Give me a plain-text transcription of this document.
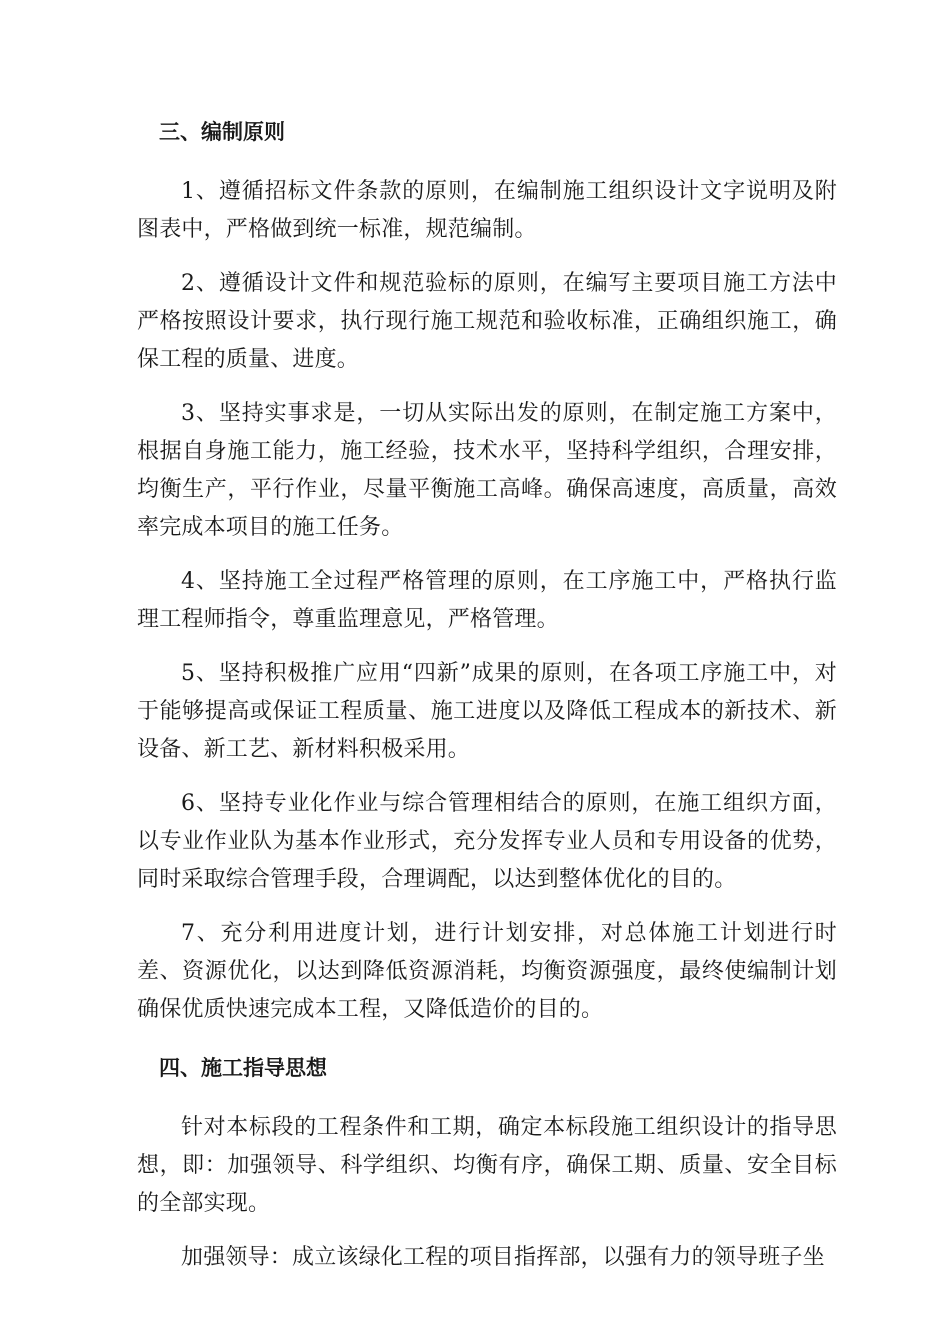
三、编制原则

1、遵循招标文件条款的原则，在编制施工组织设计文字说明及附图表中，严格做到统一标准，规范编制。

2、遵循设计文件和规范验标的原则，在编写主要项目施工方法中严格按照设计要求，执行现行施工规范和验收标准，正确组织施工，确保工程的质量、进度。

3、坚持实事求是，一切从实际出发的原则，在制定施工方案中，根据自身施工能力，施工经验，技术水平，坚持科学组织，合理安排，均衡生产，平行作业，尽量平衡施工高峰。确保高速度，高质量，高效率完成本项目的施工任务。

4、坚持施工全过程严格管理的原则，在工序施工中，严格执行监理工程师指令，尊重监理意见，严格管理。

5、坚持积极推广应用“四新”成果的原则，在各项工序施工中，对于能够提高或保证工程质量、施工进度以及降低工程成本的新技术、新设备、新工艺、新材料积极采用。

6、坚持专业化作业与综合管理相结合的原则，在施工组织方面，以专业作业队为基本作业形式，充分发挥专业人员和专用设备的优势，同时采取综合管理手段，合理调配，以达到整体优化的目的。

7、充分利用进度计划，进行计划安排，对总体施工计划进行时差、资源优化，以达到降低资源消耗，均衡资源强度，最终使编制计划确保优质快速完成本工程，又降低造价的目的。

四、施工指导思想

针对本标段的工程条件和工期，确定本标段施工组织设计的指导思想，即：加强领导、科学组织、均衡有序，确保工期、质量、安全目标的全部实现。

加强领导：成立该绿化工程的项目指挥部，以强有力的领导班子坐
